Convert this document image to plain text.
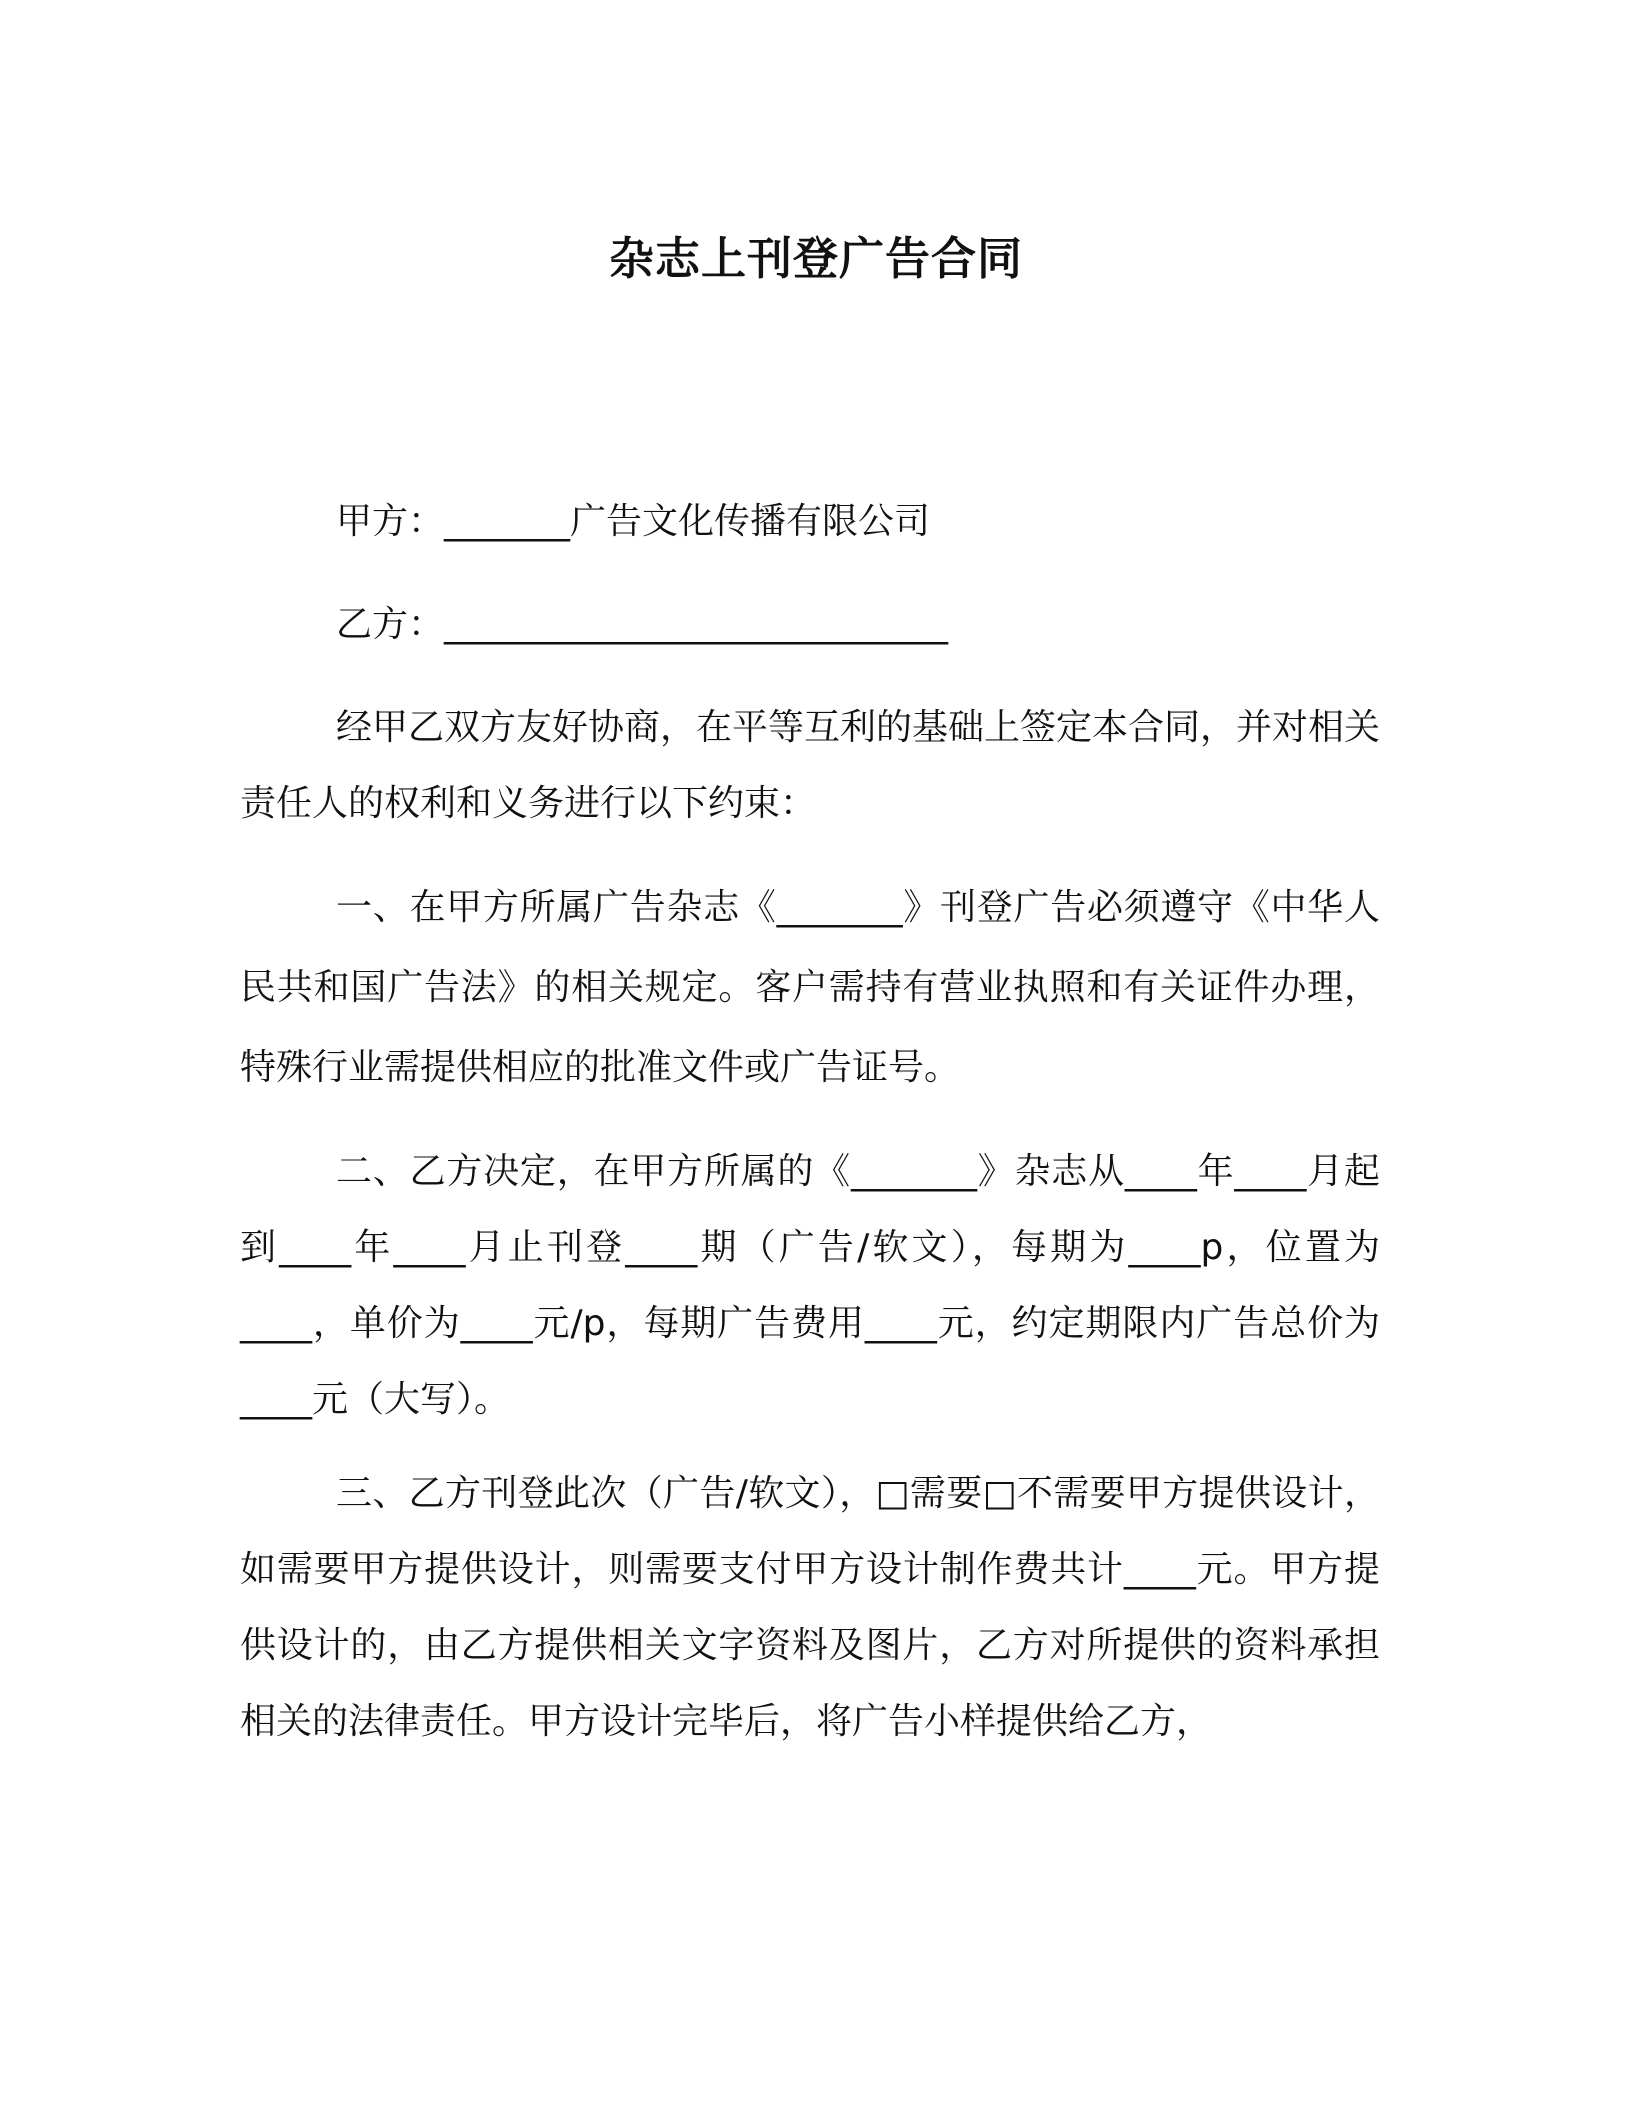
杂志上刊登广告合同

甲方：_______广告文化传播有限公司

乙方：____________________________

经甲乙双方友好协商，在平等互利的基础上签定本合同，并对相关责任人的权利和义务进行以下约束：

一、在甲方所属广告杂志《_______》刊登广告必须遵守《中华人民共和国广告法》的相关规定。客户需持有营业执照和有关证件办理，特殊行业需提供相应的批准文件或广告证号。

二、乙方决定，在甲方所属的《_______》杂志从____年____月起到____年____月止刊登____期（广告/软文），每期为____p，位置为____，单价为____元/p，每期广告费用____元，约定期限内广告总价为____元（大写）。

三、乙方刊登此次（广告/软文），□需要□不需要甲方提供设计，如需要甲方提供设计，则需要支付甲方设计制作费共计____元。甲方提供设计的，由乙方提供相关文字资料及图片，乙方对所提供的资料承担相关的法律责任。甲方设计完毕后，将广告小样提供给乙方，
